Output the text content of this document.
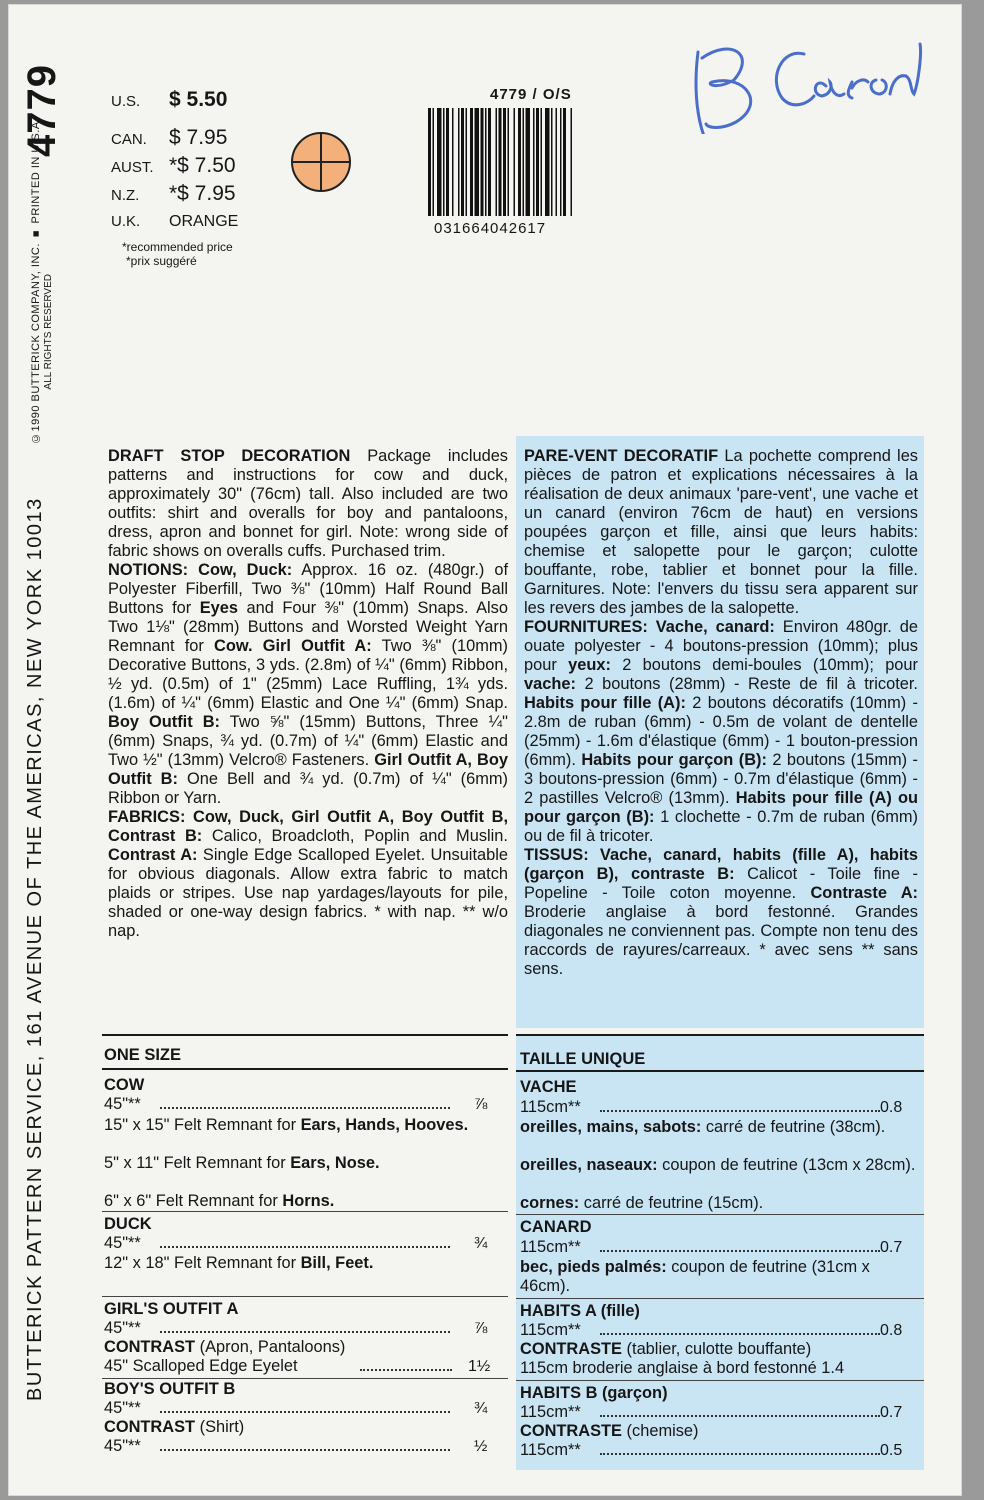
4779
©1990 BUTTERICK COMPANY, INC. ■ PRINTED IN U.S.A. ALL RIGHTS RESERVED
BUTTERICK PATTERN SERVICE, 161 AVENUE OF THE AMERICAS, NEW YORK 10013
U.S. $ 5.50
CAN. $ 7.95
AUST. *$ 7.50
N.Z. *$ 7.95
U.K. ORANGE
*recommended price
*prix suggéré
4779 / O/S
031664042617

DRAFT STOP DECORATION Package includes patterns and instructions for cow and duck, approximately 30" (76cm) tall. Also included are two outfits: shirt and overalls for boy and pantaloons, dress, apron and bonnet for girl. Note: wrong side of fabric shows on overalls cuffs. Purchased trim.

NOTIONS: Cow, Duck: Approx. 16 oz. (480gr.) of Polyester Fiberfill, Two ⅜" (10mm) Half Round Ball Buttons for Eyes and Four ⅜" (10mm) Snaps. Also Two 1⅛" (28mm) Buttons and Worsted Weight Yarn Remnant for Cow. Girl Outfit A: Two ⅜" (10mm) Decorative Buttons, 3 yds. (2.8m) of ¼" (6mm) Ribbon, ½ yd. (0.5m) of 1" (25mm) Lace Ruffling, 1¾ yds. (1.6m) of ¼" (6mm) Elastic and One ¼" (6mm) Snap. Boy Outfit B: Two ⅝" (15mm) Buttons, Three ¼" (6mm) Snaps, ¾ yd. (0.7m) of ¼" (6mm) Elastic and Two ½" (13mm) Velcro® Fasteners. Girl Outfit A, Boy Outfit B: One Bell and ¾ yd. (0.7m) of ¼" (6mm) Ribbon or Yarn.

FABRICS: Cow, Duck, Girl Outfit A, Boy Outfit B, Contrast B: Calico, Broadcloth, Poplin and Muslin. Contrast A: Single Edge Scalloped Eyelet. Unsuitable for obvious diagonals. Allow extra fabric to match plaids or stripes. Use nap yardages/layouts for pile, shaded or one-way design fabrics. * with nap. ** w/o nap.

PARE-VENT DECORATIF La pochette comprend les pièces de patron et explications nécessaires à la réalisation de deux animaux 'pare-vent', une vache et un canard (environ 76cm de haut) en versions poupées garçon et fille, ainsi que leurs habits: chemise et salopette pour le garçon; culotte bouffante, robe, tablier et bonnet pour la fille. Garnitures. Note: l'envers du tissu sera apparent sur les revers des jambes de la salopette.

FOURNITURES: Vache, canard: Environ 480gr. de ouate polyester - 4 boutons-pression (10mm); plus pour yeux: 2 boutons demi-boules (10mm); pour vache: 2 boutons (28mm) - Reste de fil à tricoter. Habits pour fille (A): 2 boutons décoratifs (10mm) - 2.8m de ruban (6mm) - 0.5m de volant de dentelle (25mm) - 1.6m d'élastique (6mm) - 1 bouton-pression (6mm). Habits pour garçon (B): 2 boutons (15mm) - 3 boutons-pression (6mm) - 0.7m d'élastique (6mm) - 2 pastilles Velcro® (13mm). Habits pour fille (A) ou pour garçon (B): 1 clochette - 0.7m de ruban (6mm) ou de fil à tricoter.

TISSUS: Vache, canard, habits (fille A), habits (garçon B), contraste B: Calicot - Toile fine - Popeline - Toile coton moyenne. Contraste A: Broderie anglaise à bord festonné. Grandes diagonales ne conviennent pas. Compte non tenu des raccords de rayures/carreaux. * avec sens ** sans sens.

ONE SIZE
COW
45"**	⅞
15" x 15" Felt Remnant for Ears, Hands, Hooves.
5" x 11" Felt Remnant for Ears, Nose.
6" x 6" Felt Remnant for Horns.
DUCK
45"**	¾
12" x 18" Felt Remnant for Bill, Feet.
GIRL'S OUTFIT A
45"**	⅞
CONTRAST (Apron, Pantaloons)
45" Scalloped Edge Eyelet	1½
BOY'S OUTFIT B
45"**	¾
CONTRAST (Shirt)
45"**	½
TAILLE UNIQUE
VACHE
115cm**	0.8
oreilles, mains, sabots: carré de feutrine (38cm).
oreilles, naseaux: coupon de feutrine (13cm x 28cm).
cornes: carré de feutrine (15cm).
CANARD
115cm**	0.7
bec, pieds palmés: coupon de feutrine (31cm x 46cm).
HABITS A (fille)
115cm**	0.8
CONTRASTE (tablier, culotte bouffante)
115cm broderie anglaise à bord festonné 1.4
HABITS B (garçon)
115cm**	0.7
CONTRASTE (chemise)
115cm**	0.5
